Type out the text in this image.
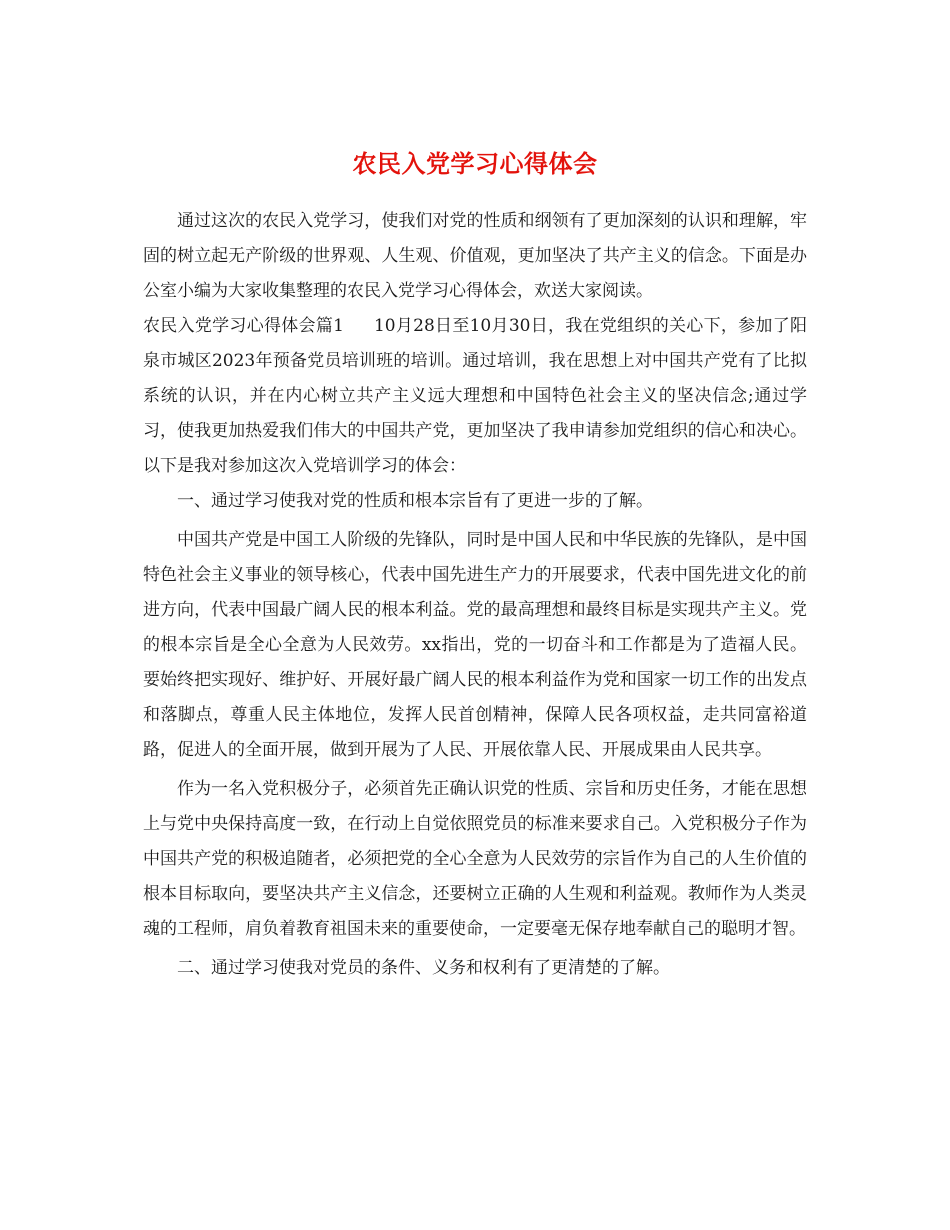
农民入党学习心得体会

通过这次的农民入党学习，使我们对党的性质和纲领有了更加深刻的认识和理解，牢固的树立起无产阶级的世界观、人生观、价值观，更加坚决了共产主义的信念。下面是办公室小编为大家收集整理的农民入党学习心得体会，欢送大家阅读。

农民入党学习心得体会篇1 10月28日至10月30日，我在党组织的关心下，参加了阳泉市城区2023年预备党员培训班的培训。通过培训，我在思想上对中国共产党有了比拟系统的认识，并在内心树立共产主义远大理想和中国特色社会主义的坚决信念;通过学习，使我更加热爱我们伟大的中国共产党，更加坚决了我申请参加党组织的信心和决心。以下是我对参加这次入党培训学习的体会：

一、通过学习使我对党的性质和根本宗旨有了更进一步的了解。

中国共产党是中国工人阶级的先锋队，同时是中国人民和中华民族的先锋队，是中国特色社会主义事业的领导核心，代表中国先进生产力的开展要求，代表中国先进文化的前进方向，代表中国最广阔人民的根本利益。党的最高理想和最终目标是实现共产主义。党的根本宗旨是全心全意为人民效劳。xx指出，党的一切奋斗和工作都是为了造福人民。要始终把实现好、维护好、开展好最广阔人民的根本利益作为党和国家一切工作的出发点和落脚点，尊重人民主体地位，发挥人民首创精神，保障人民各项权益，走共同富裕道路，促进人的全面开展，做到开展为了人民、开展依靠人民、开展成果由人民共享。

作为一名入党积极分子，必须首先正确认识党的性质、宗旨和历史任务，才能在思想上与党中央保持高度一致，在行动上自觉依照党员的标准来要求自己。入党积极分子作为中国共产党的积极追随者，必须把党的全心全意为人民效劳的宗旨作为自己的人生价值的根本目标取向，要坚决共产主义信念，还要树立正确的人生观和利益观。教师作为人类灵魂的工程师，肩负着教育祖国未来的重要使命，一定要毫无保存地奉献自己的聪明才智。

二、通过学习使我对党员的条件、义务和权利有了更清楚的了解。
